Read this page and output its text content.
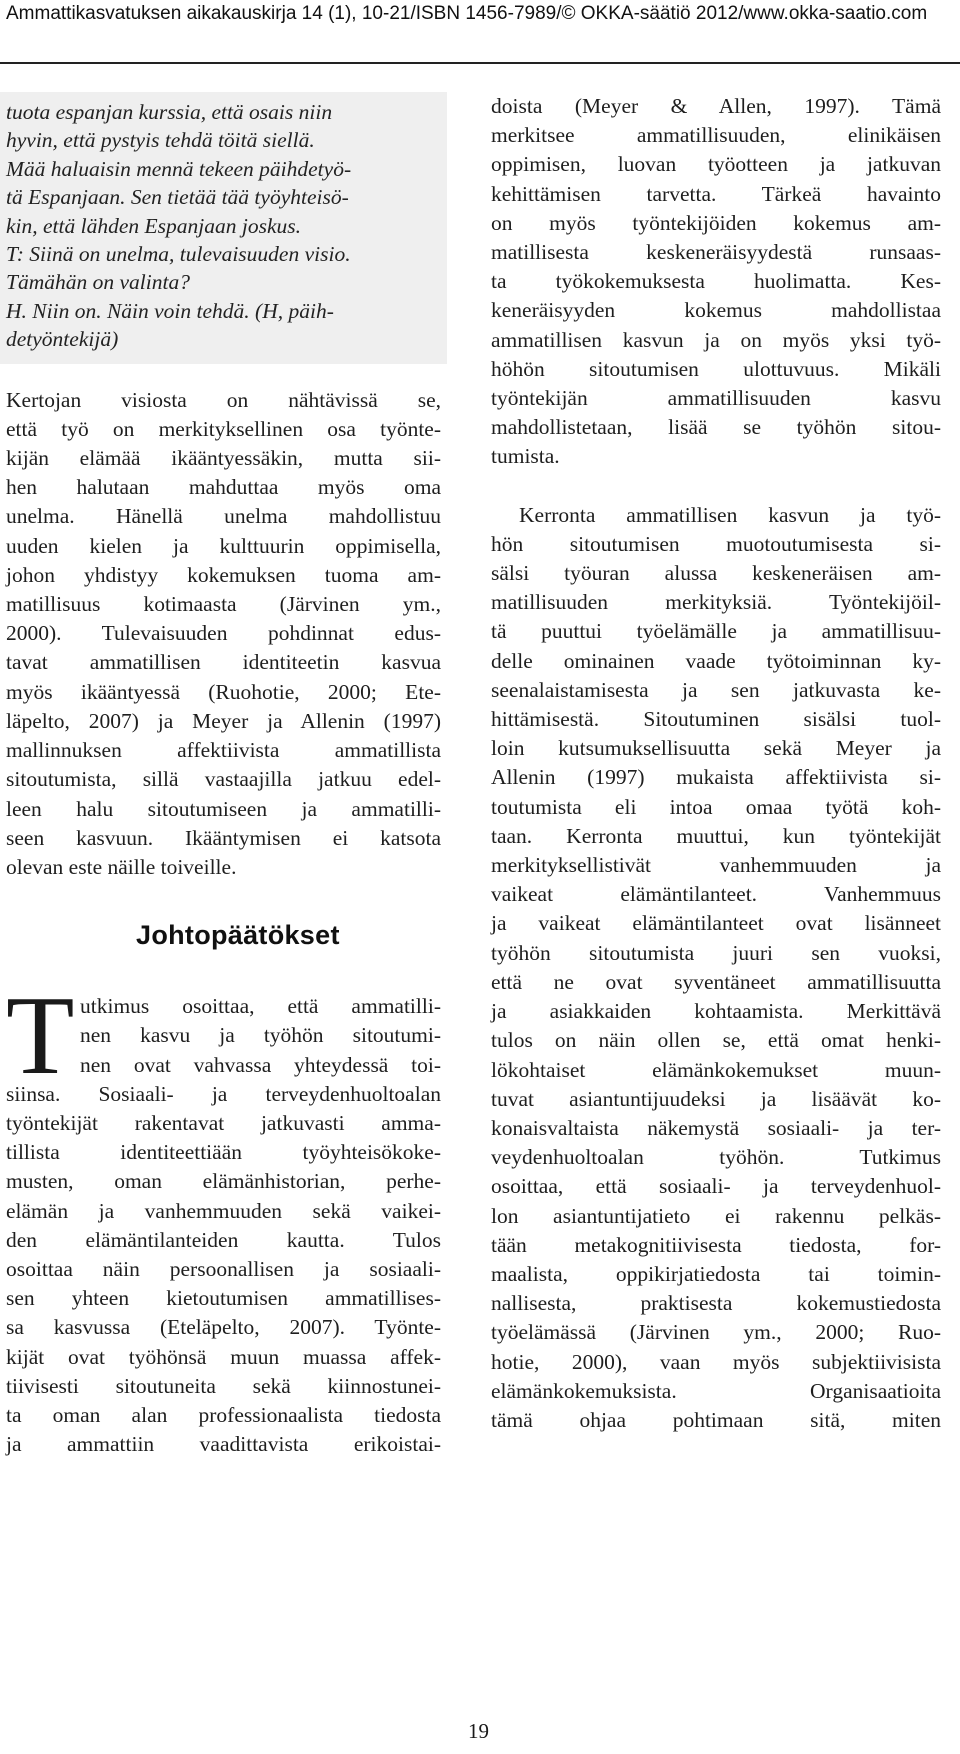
Ammattikasvatuksen aikakauskirja 14 (1), 10-21/ISBN 1456-7989/© OKKA-säätiö 2012/www.okka-saatio.com
tuota espanjan kurssia, että osais niin
hyvin, että pystyis tehdä töitä siellä.
Mää haluaisin mennä tekeen päihdetyö-
tä Espanjaan. Sen tietää tää työyhteisö-
kin, että lähden Espanjaan joskus.
T: Siinä on unelma, tulevaisuuden visio.
Tämähän on valinta?
H. Niin on. Näin voin tehdä. (H, päih-
detyöntekijä)
Kertojan visiosta on nähtävissä se,
että työ on merkityksellinen osa työnte-
kijän elämää ikääntyessäkin, mutta sii-
hen halutaan mahduttaa myös oma
unelma. Hänellä unelma mahdollistuu
uuden kielen ja kulttuurin oppimisella,
johon yhdistyy kokemuksen tuoma am-
matillisuus kotimaasta (Järvinen ym.,
2000). Tulevaisuuden pohdinnat edus-
tavat ammatillisen identiteetin kasvua
myös ikääntyessä (Ruohotie, 2000; Ete-
läpelto, 2007) ja Meyer ja Allenin (1997)
mallinnuksen affektiivista ammatillista
sitoutumista, sillä vastaajilla jatkuu edel-
leen halu sitoutumiseen ja ammatilli-
seen kasvuun. Ikääntymisen ei katsota
olevan este näille toiveille.
Johtopäätökset
T utkimus osoittaa, että ammatilli-
nen kasvu ja työhön sitoutumi-
nen ovat vahvassa yhteydessä toi-
siinsa. Sosiaali- ja terveydenhuoltoalan
työntekijät rakentavat jatkuvasti amma-
tillista identiteettiään työyhteisökoke-
musten, oman elämänhistorian, perhe-
elämän ja vanhemmuuden sekä vaikei-
den elämäntilanteiden kautta. Tulos
osoittaa näin persoonallisen ja sosiaali-
sen yhteen kietoutumisen ammatillises-
sa kasvussa (Eteläpelto, 2007). Työnte-
kijät ovat työhönsä muun muassa affek-
tiivisesti sitoutuneita sekä kiinnostunei-
ta oman alan professionaalista tiedosta
ja ammattiin vaadittavista erikoistai-
doista (Meyer & Allen, 1997). Tämä
merkitsee ammatillisuuden, elinikäisen
oppimisen, luovan työotteen ja jatkuvan
kehittämisen tarvetta. Tärkeä havainto
on myös työntekijöiden kokemus am-
matillisesta keskeneräisyydestä runsaas-
ta työkokemuksesta huolimatta. Kes-
keneräisyyden kokemus mahdollistaa
ammatillisen kasvun ja on myös yksi työ-
höhön sitoutumisen ulottuvuus. Mikäli
työntekijän ammatillisuuden kasvu
mahdollistetaan, lisää se työhön sitou-
tumista.
Kerronta ammatillisen kasvun ja työ-
hön sitoutumisen muotoutumisesta si-
sälsi työuran alussa keskeneräisen am-
matillisuuden merkityksiä. Työntekijöil-
tä puuttui työelämälle ja ammatillisuu-
delle ominainen vaade työtoiminnan ky-
seenalaistamisesta ja sen jatkuvasta ke-
hittämisestä. Sitoutuminen sisälsi tuol-
loin kutsumuksellisuutta sekä Meyer ja
Allenin (1997) mukaista affektiivista si-
toutumista eli intoa omaa työtä koh-
taan. Kerronta muuttui, kun työntekijät
merkityksellistivät vanhemmuuden ja
vaikeat elämäntilanteet. Vanhemmuus
ja vaikeat elämäntilanteet ovat lisänneet
työhön sitoutumista juuri sen vuoksi,
että ne ovat syventäneet ammatillisuutta
ja asiakkaiden kohtaamista. Merkittävä
tulos on näin ollen se, että omat henki-
lökohtaiset elämänkokemukset muun-
tuvat asiantuntijuudeksi ja lisäävät ko-
konaisvaltaista näkemystä sosiaali- ja ter-
veydenhuoltoalan työhön. Tutkimus
osoittaa, että sosiaali- ja terveydenhuol-
lon asiantuntijatieto ei rakennu pelkäs-
tään metakognitiivisesta tiedosta, for-
maalista, oppikirjatiedosta tai toimin-
nallisesta, praktisesta kokemustiedosta
työelämässä (Järvinen ym., 2000; Ruo-
hotie, 2000), vaan myös subjektiivisista
elämänkokemuksista. Organisaatioita
tämä ohjaa pohtimaan sitä, miten
19
